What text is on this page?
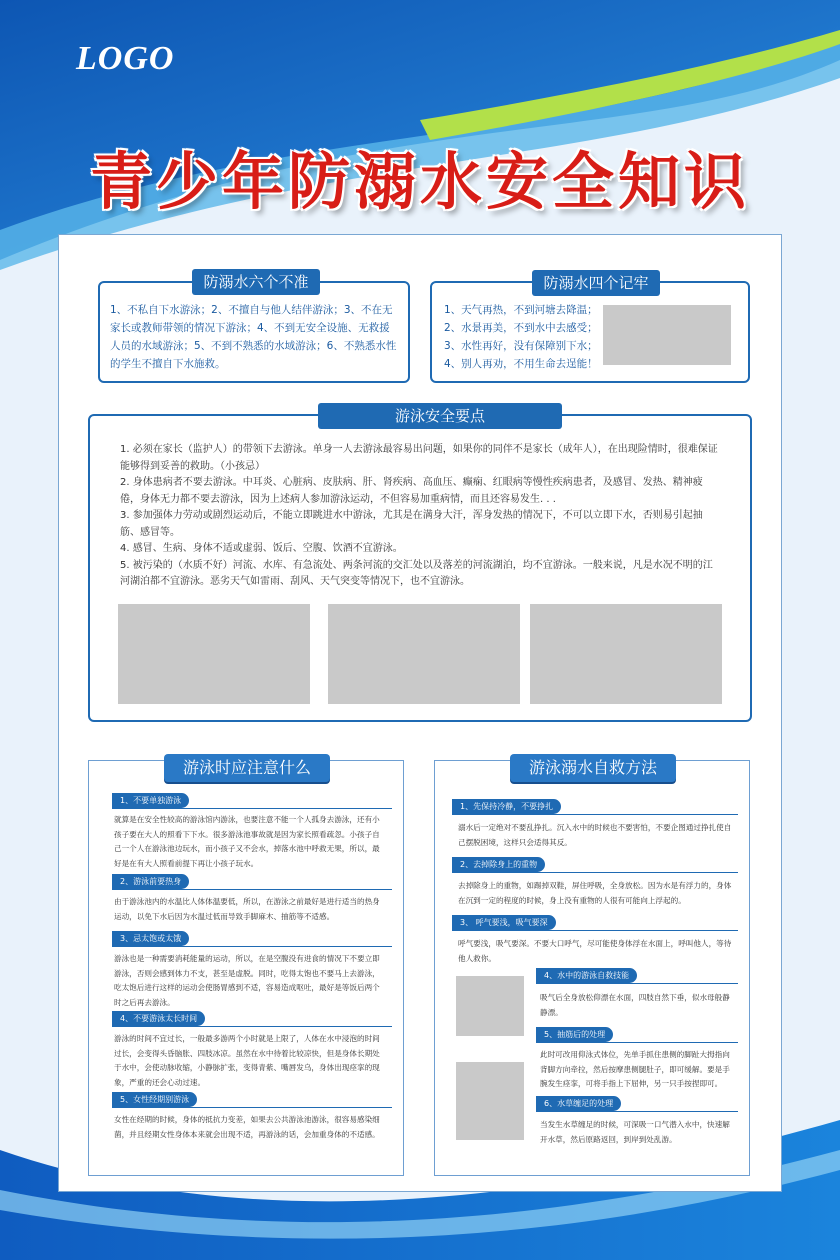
LOGO
青少年防溺水安全知识
防溺水六个不准
1、不私自下水游泳；2、不擅自与他人结伴游泳；3、不在无家长或教师带领的情况下游泳；4、不到无安全设施、无救援人员的水域游泳；5、不到不熟悉的水域游泳；6、不熟悉水性的学生不擅自下水施救。
防溺水四个记牢
1、天气再热，不到河塘去降温；
2、水景再美，不到水中去感受；
3、水性再好，没有保障别下水；
4、别人再劝，不用生命去逞能！
游泳安全要点
1. 必须在家长（监护人）的带领下去游泳。单身一人去游泳最容易出问题，如果你的同伴不是家长（成年人），在出现险情时，很难保证能够得到妥善的救助。（小孩忌）
2. 身体患病者不要去游泳。中耳炎、心脏病、皮肤病、肝、肾疾病、高血压、癫痫、红眼病等慢性疾病患者，及感冒、发热、精神疲倦，身体无力都不要去游泳，因为上述病人参加游泳运动，不但容易加重病情，而且还容易发生. . .
3. 参加强体力劳动或剧烈运动后，不能立即跳进水中游泳，尤其是在满身大汗，浑身发热的情况下，不可以立即下水，否则易引起抽筋、感冒等。
4. 感冒、生病、身体不适或虚弱、饭后、空腹、饮酒不宜游泳。
5. 被污染的（水质不好）河流、水库、有急流处、两条河流的交汇处以及落差的河流湖泊，均不宜游泳。一般来说，凡是水况不明的江河湖泊都不宜游泳。恶劣天气如雷雨、刮风、天气突变等情况下，也不宜游泳。
游泳时应注意什么
1、不要单独游泳
就算是在安全性较高的游泳馆内游泳，也要注意不能一个人孤身去游泳，还有小孩子要在大人的照看下下水。很多游泳池事故就是因为家长照看疏忽。小孩子自己一个人在游泳池边玩水，而小孩子又不会水，掉落水池中呼救无果，所以，最好是在有大人照看前提下再让小孩子玩水。
2、游泳前要热身
由于游泳池内的水温比人体体温要低，所以，在游泳之前最好是进行适当的热身运动，以免下水后因为水温过低而导致手脚麻木、抽筋等不适感。
3、忌太饱或太饿
游泳也是一种需要消耗能量的运动，所以，在是空腹没有进食的情况下不要立即游泳，否则会感到体力不支，甚至是虚脱。同时，吃得太饱也不要马上去游泳，吃太饱后进行这样的运动会使肠胃感到不适，容易造成呕吐，最好是等饭后两个时之后再去游泳。
4、不要游泳太长时间
游泳的时间不宜过长，一般最多游两个小时就是上限了，人体在水中浸泡的时间过长，会变得头昏脑胀、四肢冰凉。虽然在水中待着比较凉快，但是身体长期处于水中，会使动脉收缩，小静脉扩张，变得青紫、嘴唇发乌，身体出现痉挛的现象，严重的还会心动过速。
5、女性经期别游泳
女性在经期的时候，身体的抵抗力变差，如果去公共游泳池游泳，很容易感染细菌，并且经期女性身体本来就会出现不适，再游泳的话，会加重身体的不适感。
游泳溺水自救方法
1、先保持冷静，不要挣扎
溺水后一定绝对不要乱挣扎。沉入水中的时候也不要害怕，不要企图通过挣扎使自己摆脱困境，这样只会适得其反。
2、去掉除身上的重物
去掉除身上的重物，如踢掉双鞋，屏住呼吸，全身放松。因为水是有浮力的，身体在沉到一定的程度的时候，身上没有重物的人很有可能向上浮起的。
3、 呼气要浅，吸气要深
呼气要浅，吸气要深。不要大口呼气，尽可能使身体浮在水面上，呼叫他人，等待他人救你。
4、水中的游泳自救技能
吸气后全身放松仰漂在水面，四肢自然下垂，似水母般静静漂。
5、抽筋后的处理
此时可改用仰泳式体位，先单手抓住患侧的脚趾大拇指向背脚方向牵拉，然后按摩患侧腿肚子，即可缓解。要是手腕发生痉挛，可将手指上下屈伸，另一只手按捏即可。
6、水草缠足的处理
当发生水草缠足的时候，可深吸一口气潜入水中，快速解开水草，然后原路返回，到岸到处乱游。
